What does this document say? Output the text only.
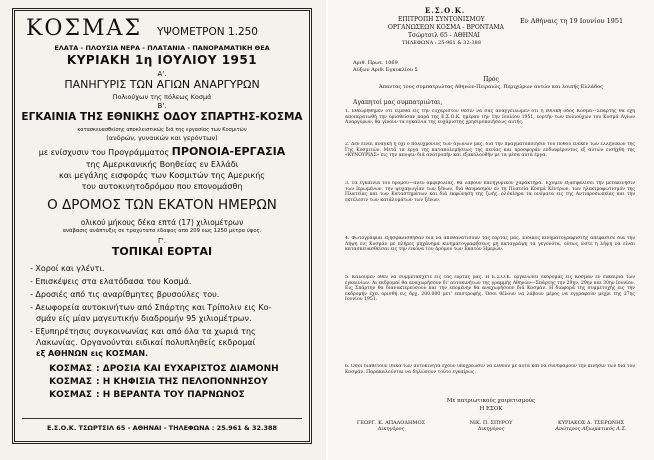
ΚΟΣΜΑΣ ΥΨΟΜΕΤΡΟΝ 1.250
ΕΛΑΤΑ - ΠΛΟΥΣΙΑ ΝΕΡΑ - ΠΛΑΤΑΝΙΑ - ΠΑΝΟΡΑΜΑΤΙΚΗ ΘΕΑ
ΚΥΡΙΑΚΗ 1η ΙΟΥΛΙΟΥ 1951
Α'.
ΠΑΝΗΓΥΡΙΣ ΤΩΝ ΑΓΙΩΝ ΑΝΑΡΓΥΡΩΝ
Πολιούχων της πόλεως Κοσμά
Β'.
ΕΓΚΑΙΝΙΑ ΤΗΣ ΕΘΝΙΚΗΣ ΟΔΟΥ ΣΠΑΡΤΗΣ-ΚΟΣΜΑ
κατασκευασθείσης αποκλειστικώς διά της εργασίας των Κοσμιτών
(ανδρών, γυναικών και γερόντων)
με ενίσχυσιν του Προγράμματος ΠΡΟΝΟΙΑ-ΕΡΓΑΣΙΑ
της Αμερικανικής Βοηθείας εν Ελλάδι
και μεγάλης εισφοράς των Κοσμιτών της Αμερικής
του αυτοκινητοδρόμου που επονομάσθη
Ο ΔΡΟΜΟΣ ΤΩΝ ΕΚΑΤΟΝ ΗΜΕΡΩΝ
ολικού μήκους δέκα επτά (17) χιλιομέτρων
ανάβασις ανάπτυξις σε τραχύτατο έδαφος από 209 έως 1250 μέτρα ύψος.
Γ'.
ΤΟΠΙΚΑΙ ΕΟΡΤΑΙ
- Χοροί και γλέντι.
- Επισκέψεις στα ελατόδασα του Κοσμά.
- Δροσιές από τις αναρίθμητες βρυσούλες του.
- Αεωφορεία αυτοκινήτων από Σπάρτης και Τρίπολιν εις Κο-
σμάν είς μίαν μαγευτικήν διαδρομήν 95 χιλιομέτρων.
- Εξυπηρέτησις συγκοινωνίας και από όλα τα χωριά της
Λακωνίας. Οργανούνται ειδικαί πολυπληθείς εκδρομαί
εξ ΑΘΗΝΩΝ εις ΚΟΣΜΑΝ.
ΚΟΣΜΑΣ : ΔΡΟΣΙΑ ΚΑΙ ΕΥΧΑΡΙΣΤΟΣ ΔΙΑΜΟΝΗ
ΚΟΣΜΑΣ : Η ΚΗΦΙΣΙΑ ΤΗΣ ΠΕΛΟΠΟΝΝΗΣΟΥ
ΚΟΣΜΑΣ : Η ΒΕΡΑΝΤΑ ΤΟΥ ΠΑΡΝΩΝΟΣ
Ε.Σ.Ο.Κ. ΤΣΩΡΤΣΙΛ 65 - ΑΘΗΝΑΙ - ΤΗΛΕΦΩΝΑ : 25.961 & 32.388
Ε.Σ.Ο.Κ.
ΕΠΙΤΡΟΠΗ ΣΥΝΤΟΝΙΣΜΟΥ
ΟΡΓΑΝΩΣΕΩΝ ΚΟΣΜΑ - ΒΡΟΝΤΑΜΑ
Τσώρτσιλ 65 - ΑΘΗΝΑΙ
ΤΗΛΕΦΩΝΑ : 25-961 & 32-388
Εν Αθήναις τη 19 Ιουνίου 1951
Αριθ. Πρωτ. 1069
Αύξων Αριθ. Εγκυκλίου 5
Πρός
Άπαντας τους συμπατριώτας Αθηνών-Πειραιώς, Περιχώρων αυτών και λοιπής Ελλάδος
Αγαπητοί μας συμπατριώται,
1. Εθεωρήθημεν ότι είμεθα εις την ευχάριστον θέσιν να σας αναγγείλωμεν ότι η εθνική οδός Κοσμά—Σπάρτης θα έχη αποπερατωθή την ορισθείσαν παρά της Ε.Σ.Ο.Κ. ημέραν την 1ην Ιουλίου 1951, εορτήν των πολιούχων του Κοσμά Αγίων Αναργύρων, θα γίνουν τα εγκαίνια της ευχάριστης χρησιμοποιήσεως αυτής.
2. Δεν είναι ανάγκη η όχι ο πολυχρόνιος των αγώνων μας, διά την πραγματοποίησιν του ποθού ένεκεν των ελληνικών της Γης Κοσμιτών. Μετά τα έργα της καταπολεμήσεως της πενίας και προσφοράν ενδιαφέροντος εξ αυτών εισήχθη της «ΚΥΝΟΥΡΙΑΣ» εις την αποψιν διά ανατροπήν και εξακολουθήν με τα μέσα αυτά έργα.
3. Τα έγκαινια του δρόμου—άνευ αμφιβολίας, θα λάβουν πανηγυρικόν χαρακτήρα. Έχομεν εξασφαλίσει την μετακίνησιν των Ιερωμένων, την ψυχαγωγίαν των ξένων, διά θαυμασμόν εν τη Πλατεία Κοσμά Κέντρων, των ηλεκτροφωτισμόν της Πλατείας και των Καταστημάτων και διά εκφώνηση της ζωής, ολόκληρα τα ονόματα εις της Αντιπροσωπείας και την εκτέλεσιν των κατάλυμάτων των ξένων.
4. Φωτογραφίαι εξησφαλίσθησαν διά να αποθανατίσουν τας εορτάς μας. Ειδικός κινηματογραφιστής απεφάσισε διά την Λήψη εις Κοσμάν με πλήρες μηχάνημα κινηματογραφήσεως μη καταγράψη τα γεγονότα, ούτως ώστε η λήψη να είναι κατασκευασθείσαι εις την εικόνα του Δρόμου των Εκατόν Ημερών.
5. Καλούμεν όθεν να συμμετάσχετε εις τας εορτάς μας. Η Ε.Σ.Ο.Κ. οργανώνει εκδρομάς εις Κοσμάν εν ευκαιρία των εγκαινίων. Αι εκδρομαί θα αναχωρήσουν δι' αυτοκινήτων της γραμμής Αθηνών—Σπάρτης την 29ην, 29ην και 30ην Ιουνίου. Εις Σπάρτην θα διανυκτερεύσουν και την επομένην θα αναχωρήσουν διά Κοσμάν. Η διαφορά της συμμετοχής εις την εκδρομήν έχει ορισθή εις δρχ. 200.000 μετ' επιστροφής. Όσοι θέλουν να λάβουν μέρος να εγγραφούν μέχρι της 27ης Ιουνίου 1951.
6. Όσοι διαθέτουν ιδικά των αυτοκίνητα έχουν υποχρέωσιν να έλθουν με αυτά και να συνδράμουν την κίνησιν των διά τον Κοσμάν. Παρακαλούνται να δηλώσουν τούτο εγκαίρως.
Με πατριωτικούς χαιρετισμούς
Η ΕΣΟΚ
ΓΕΩΡΓ. Κ. ΑΠΑΛΟΔΗΜΟΣ
Δικηγόρος
ΝΙΚ. Π. ΣΠΥΡΟΥ
Δικηγόρος
ΚΥΡΙΑΚΟΣ Δ. ΤΣΕΡΩΝΗΣ
Ανώτερος Αξιωματικός Λ.Σ.
